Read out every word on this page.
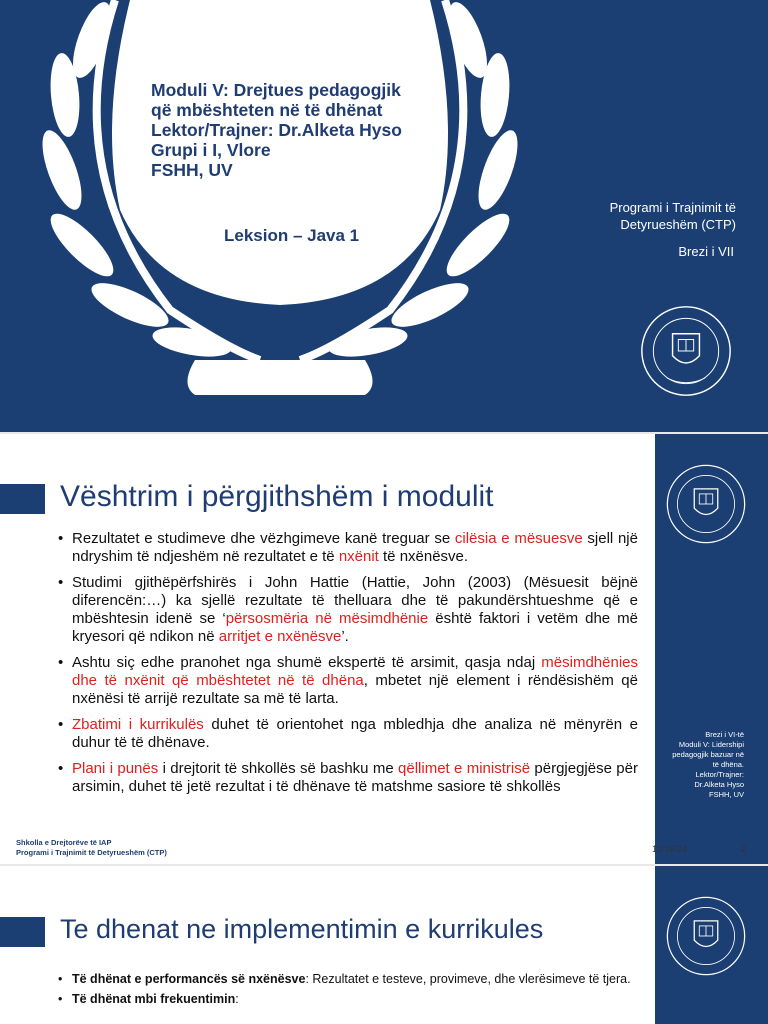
Moduli V: Drejtues pedagogjik
që mbështeten në të dhënat
Lektor/Trajner: Dr.Alketa Hyso
Grupi i I, Vlore
FSHH, UV
Leksion – Java 1
Programi i Trajnimit të
Detyrueshëm (CTP)
Brezi i VII
Vështrim i përgjithshëm i modulit
• Rezultatet e studimeve dhe vëzhgimeve kanë treguar se cilësia e mësuesve sjell një ndryshim të ndjeshëm në rezultatet e të nxënit të nxënësve.
• Studimi gjithëpërfshirës i John Hattie (Hattie, John (2003) (Mësuesit bëjnë diferencën:…) ka sjellë rezultate të thelluara dhe të pakundërshtueshme që e mbështesin idenë se ‘përsosmëria në mësimdhënie është faktori i vetëm dhe më kryesori që ndikon në arritjet e nxënësve’.
• Ashtu siç edhe pranohet nga shumë ekspertë të arsimit, qasja ndaj mësimdhënies dhe të nxënit që mbështetet në të dhëna, mbetet një element i rëndësishëm që nxënësi të arrijë rezultate sa më të larta.
• Zbatimi i kurrikulës duhet të orientohet nga mbledhja dhe analiza në mënyrën e duhur të të dhënave.
• Plani i punës i drejtorit të shkollës së bashku me qëllimet e ministrisë përgjegjëse për arsimin, duhet të jetë rezultat i të dhënave të matshme sasiore të shkollës
Brezi i VI-të
Moduli V: Lidershipi
pedagogjik bazuar në
të dhëna.
Lektor/Trajner:
Dr.Alketa Hyso
FSHH, UV
Shkolla e Drejtorëve të IAP
Programi i Trajnimit të Detyrueshëm (CTP)	12/16/24	2
Te dhenat ne implementimin e kurrikules
• Të dhënat e performancës së nxënësve: Rezultatet e testeve, provimeve, dhe vlerësimeve të tjera.
• Të dhënat mbi frekuentimin:
